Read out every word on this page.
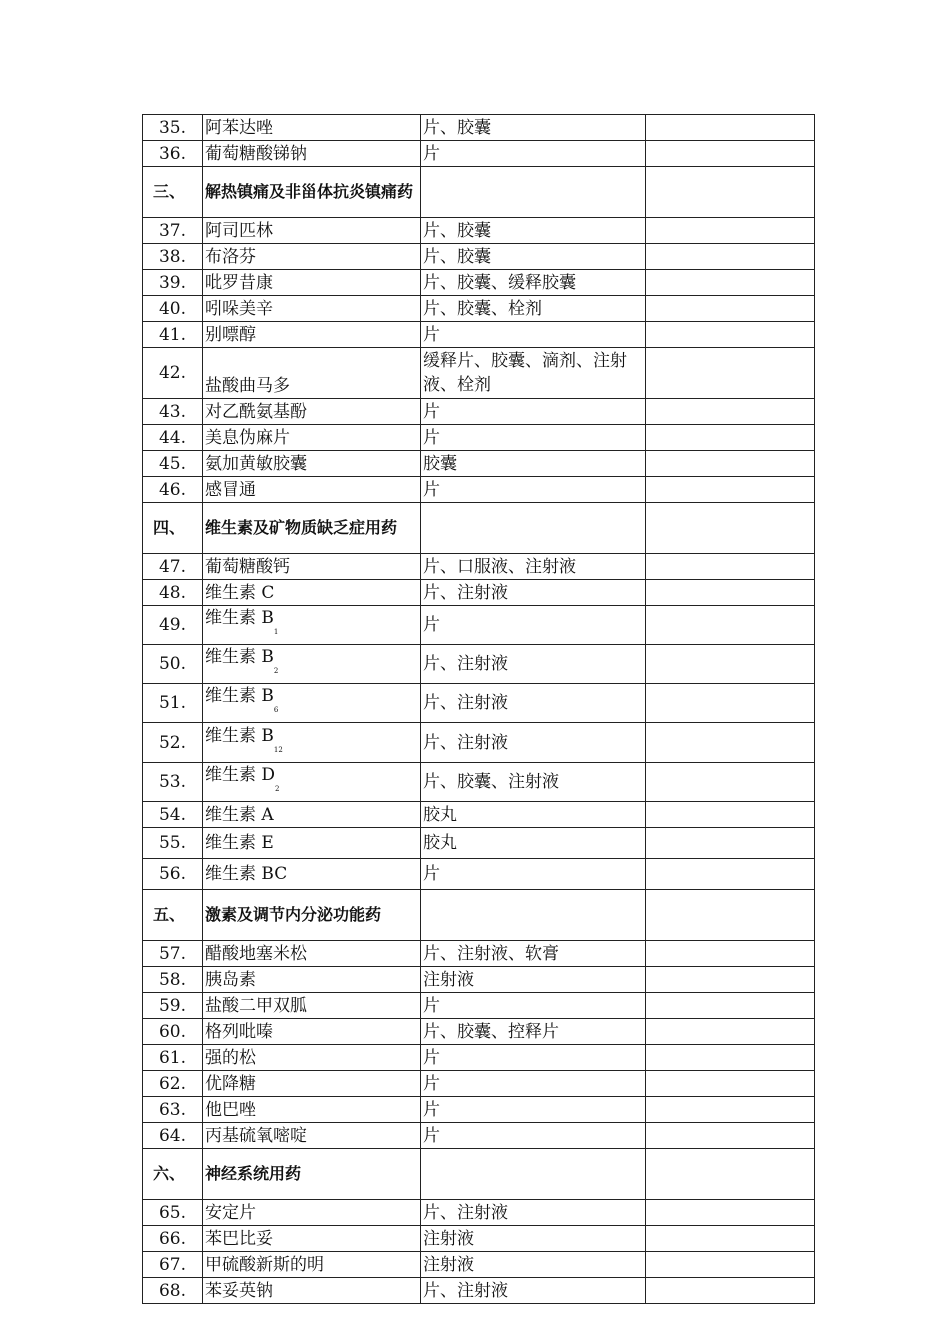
35.	阿苯达唑	片、胶囊	
36.	葡萄糖酸锑钠	片	
三、	解热镇痛及非甾体抗炎镇痛药		
37.	阿司匹林	片、胶囊	
38.	布洛芬	片、胶囊	
39.	吡罗昔康	片、胶囊、缓释胶囊	
40.	吲哚美辛	片、胶囊、栓剂	
41.	别嘌醇	片	
42.	盐酸曲马多	缓释片、胶囊、滴剂、注射液、栓剂	
43.	对乙酰氨基酚	片	
44.	美息伪麻片	片	
45.	氨加黄敏胶囊	胶囊	
46.	感冒通	片	
四、	维生素及矿物质缺乏症用药		
47.	葡萄糖酸钙	片、口服液、注射液	
48.	维生素 C	片、注射液	
49.	维生素 $B_1$	片	
50.	维生素 $B_2$	片、注射液	
51.	维生素 $B_6$	片、注射液	
52.	维生素 $B_{12}$	片、注射液	
53.	维生素 $D_2$	片、胶囊、注射液	
54.	维生素 A	胶丸	
55.	维生素 E	胶丸	
56.	维生素 BC	片	
五、	激素及调节内分泌功能药		
57.	醋酸地塞米松	片、注射液、软膏	
58.	胰岛素	注射液	
59.	盐酸二甲双胍	片	
60.	格列吡嗪	片、胶囊、控释片	
61.	强的松	片	
62.	优降糖	片	
63.	他巴唑	片	
64.	丙基硫氧嘧啶	片	
六、	神经系统用药		
65.	安定片	片、注射液	
66.	苯巴比妥	注射液	
67.	甲硫酸新斯的明	注射液	
68.	苯妥英钠	片、注射液	
